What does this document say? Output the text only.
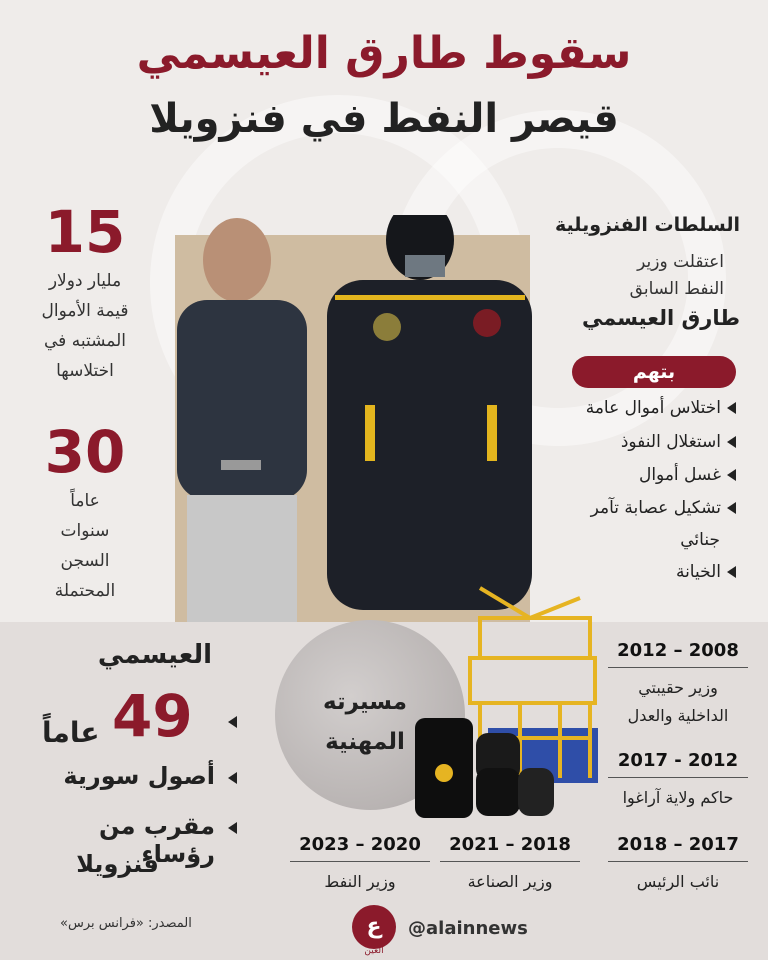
سقوط طارق العيسمي
قيصر النفط في فنزويلا
15
مليار دولار
قيمة الأموال
المشتبه في
اختلاسها
30
عاماً
سنوات
السجن
المحتملة
السلطات الفنزويلية
اعتقلت وزير
النفط السابق
طارق العيسمي
بتهم
اختلاس أموال عامة
استغلال النفوذ
غسل أموال
تشكيل عصابة تآمر
جنائي
الخيانة
مسيرته
المهنية
2012 – 2008
وزير حقيبتي
الداخلية والعدل
2017 - 2012
حاكم ولاية آراغوا
2018 – 2017
نائب الرئيس
2021 – 2018
وزير الصناعة
2023 – 2020
وزير النفط
العيسمي
49
عاماً
أصول سورية
مقرب من رؤساء
فنزويلا
المصدر: «فرانس برس»	ع
العين
@alainnews
